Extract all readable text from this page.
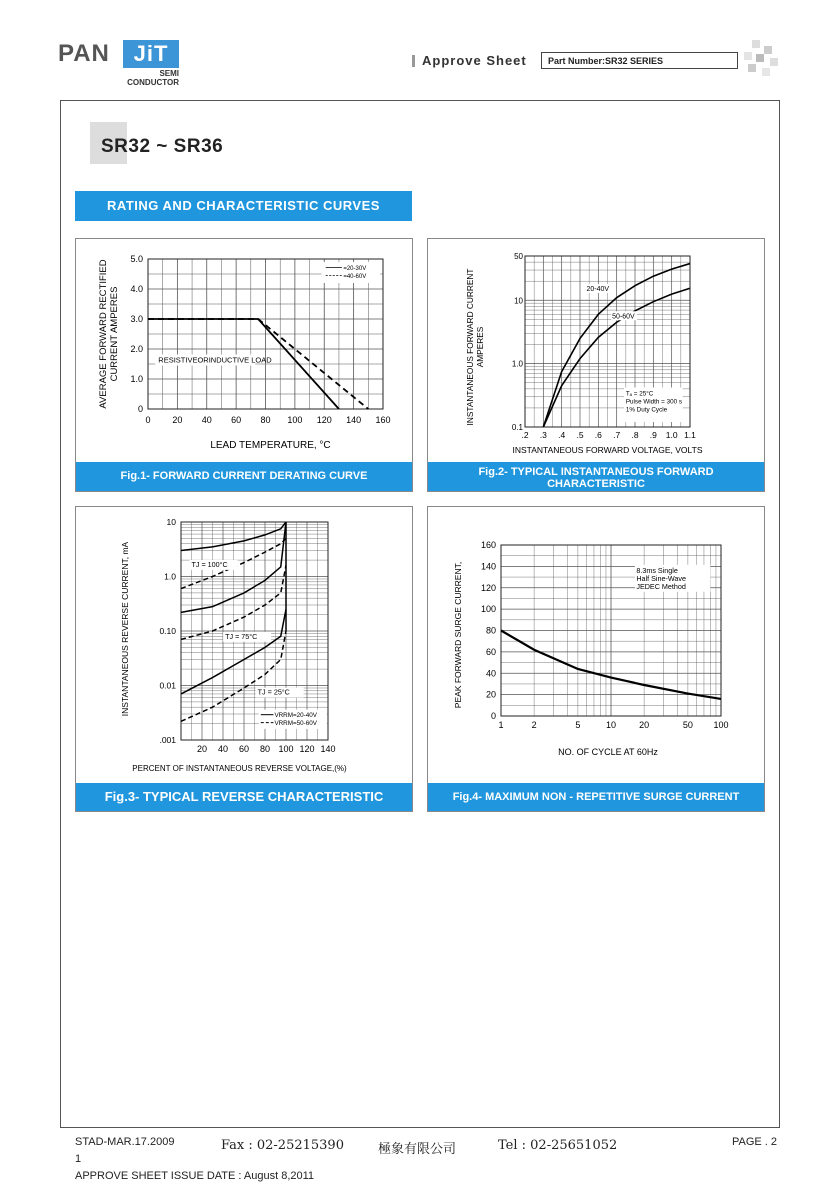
PAN	JiT
SEMI
CONDUCTOR
Approve Sheet	Part Number:SR32 SERIES
SR32 ~ SR36
RATING AND CHARACTERISTIC CURVES
0 20 40 60 80 100 120 140 160
0
1.0
2.0
3.0
4.0
5.0
RESISTIVEORINDUCTIVE LOAD
=20-30V
=40-60V
LEAD TEMPERATURE, °C
AVERAGE FORWARD RECTIFIEDCURRENT AMPERES
Fig.1- FORWARD CURRENT DERATING CURVE
.2 .3 .4 .5 .6 .7 .8 .9 1.0 1.1
0.1
1.0
10
50
20-40V
50-60V
Tₐ = 25°C
Pulse Width = 300 s
1% Duty Cycle
INSTANTANEOUS FORWARD VOLTAGE, VOLTS
INSTANTANEOUS FORWARD CURRENTAMPERES
Fig.2- TYPICAL INSTANTANEOUS FORWARD CHARACTERISTIC
20 40 60 80 100 120 140
.001
0.01
0.10
1.0
10
TJ = 100°C
TJ = 75°C
TJ = 25°C
VRRM=20-40V
VRRM=50-60V
PERCENT OF INSTANTANEOUS REVERSE VOLTAGE,(%)
INSTANTANEOUS REVERSE CURRENT, mA
Fig.3- TYPICAL REVERSE CHARACTERISTIC
1	2	5	10	20	50 100
0
20
40
60
80
100
120
140
160
8.3ms Single
Half Sine-Wave
JEDEC Method
NO. OF CYCLE AT 60Hz
PEAK FORWARD SURGE CURRENT,
Fig.4- MAXIMUM NON - REPETITIVE SURGE CURRENT
STAD-MAR.17.2009	Fax : 02-25215390	極象有限公司	Tel : 02-25651052	PAGE . 2
1
APPROVE SHEET ISSUE DATE : August 8,2011
